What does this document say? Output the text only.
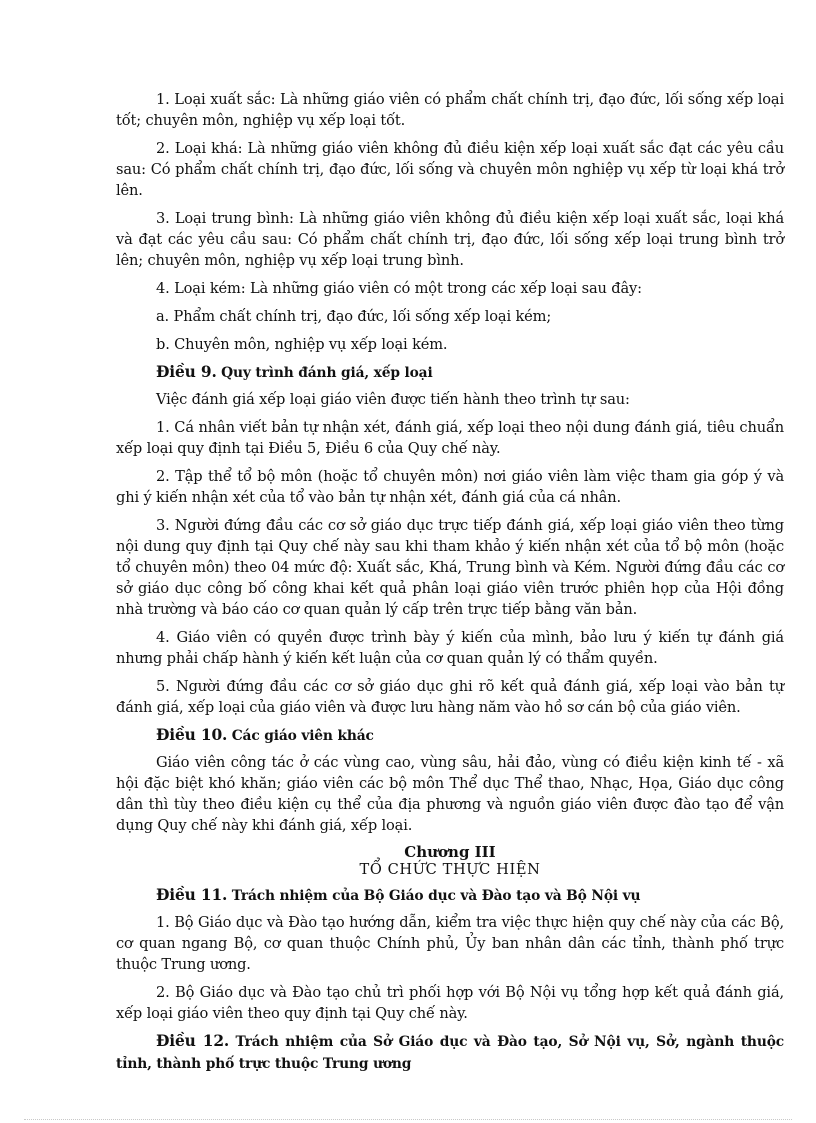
1. Loại xuất sắc: Là những giáo viên có phẩm chất chính trị, đạo đức, lối sống xếp loại tốt; chuyên môn, nghiệp vụ xếp loại tốt.

2. Loại khá: Là những giáo viên không đủ điều kiện xếp loại xuất sắc đạt các yêu cầu sau: Có phẩm chất chính trị, đạo đức, lối sống và chuyên môn nghiệp vụ xếp từ loại khá trở lên.

3. Loại trung bình: Là những giáo viên không đủ điều kiện xếp loại xuất sắc, loại khá và đạt các yêu cầu sau: Có phẩm chất chính trị, đạo đức, lối sống xếp loại trung bình trở lên; chuyên môn, nghiệp vụ xếp loại trung bình.

4. Loại kém: Là những giáo viên có một trong các xếp loại sau đây:

a. Phẩm chất chính trị, đạo đức, lối sống xếp loại kém;

b. Chuyên môn, nghiệp vụ xếp loại kém.

Điều 9. Quy trình đánh giá, xếp loại

Việc đánh giá xếp loại giáo viên được tiến hành theo trình tự sau:

1. Cá nhân viết bản tự nhận xét, đánh giá, xếp loại theo nội dung đánh giá, tiêu chuẩn xếp loại quy định tại Điều 5, Điều 6 của Quy chế này.

2. Tập thể tổ bộ môn (hoặc tổ chuyên môn) nơi giáo viên làm việc tham gia góp ý và ghi ý kiến nhận xét của tổ vào bản tự nhận xét, đánh giá của cá nhân.

3. Người đứng đầu các cơ sở giáo dục trực tiếp đánh giá, xếp loại giáo viên theo từng nội dung quy định tại Quy chế này sau khi tham khảo ý kiến nhận xét của tổ bộ môn (hoặc tổ chuyên môn) theo 04 mức độ: Xuất sắc, Khá, Trung bình và Kém. Người đứng đầu các cơ sở giáo dục công bố công khai kết quả phân loại giáo viên trước phiên họp của Hội đồng nhà trường và báo cáo cơ quan quản lý cấp trên trực tiếp bằng văn bản.

4. Giáo viên có quyền được trình bày ý kiến của mình, bảo lưu ý kiến tự đánh giá nhưng phải chấp hành ý kiến kết luận của cơ quan quản lý có thẩm quyền.

5. Người đứng đầu các cơ sở giáo dục ghi rõ kết quả đánh giá, xếp loại vào bản tự đánh giá, xếp loại của giáo viên và được lưu hàng năm vào hồ sơ cán bộ của giáo viên.

Điều 10. Các giáo viên khác

Giáo viên công tác ở các vùng cao, vùng sâu, hải đảo, vùng có điều kiện kinh tế - xã hội đặc biệt khó khăn; giáo viên các bộ môn Thể dục Thể thao, Nhạc, Họa, Giáo dục công dân thì tùy theo điều kiện cụ thể của địa phương và nguồn giáo viên được đào tạo để vận dụng Quy chế này khi đánh giá, xếp loại.

Chương III
TỔ CHỨC THỰC HIỆN

Điều 11. Trách nhiệm của Bộ Giáo dục và Đào tạo và Bộ Nội vụ

1. Bộ Giáo dục và Đào tạo hướng dẫn, kiểm tra việc thực hiện quy chế này của các Bộ, cơ quan ngang Bộ, cơ quan thuộc Chính phủ, Ủy ban nhân dân các tỉnh, thành phố trực thuộc Trung ương.

2. Bộ Giáo dục và Đào tạo chủ trì phối hợp với Bộ Nội vụ tổng hợp kết quả đánh giá, xếp loại giáo viên theo quy định tại Quy chế này.

Điều 12. Trách nhiệm của Sở Giáo dục và Đào tạo, Sở Nội vụ, Sở, ngành thuộc tỉnh, thành phố trực thuộc Trung ương
